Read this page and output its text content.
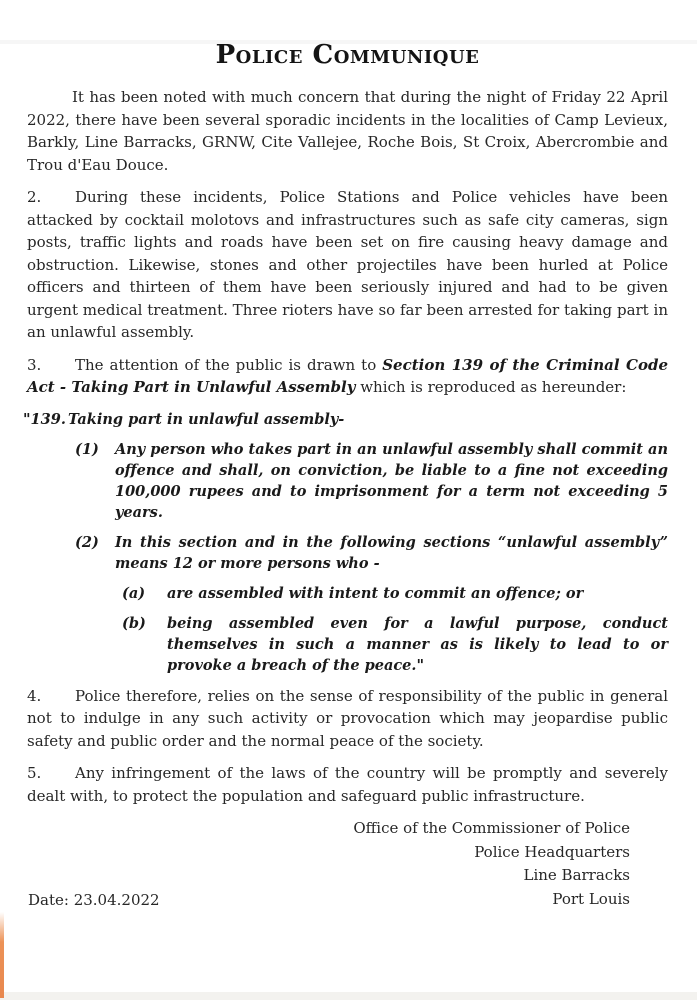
Police Communique

It has been noted with much concern that during the night of Friday 22 April 2022, there have been several sporadic incidents in the localities of Camp Levieux, Barkly, Line Barracks, GRNW, Cite Vallejee, Roche Bois, St Croix, Abercrombie and Trou d'Eau Douce.

2. During these incidents, Police Stations and Police vehicles have been attacked by cocktail molotovs and infrastructures such as safe city cameras, sign posts, traffic lights and roads have been set on fire causing heavy damage and obstruction. Likewise, stones and other projectiles have been hurled at Police officers and thirteen of them have been seriously injured and had to be given urgent medical treatment. Three rioters have so far been arrested for taking part in an unlawful assembly.

3. The attention of the public is drawn to Section 139 of the Criminal Code Act - Taking Part in Unlawful Assembly which is reproduced as hereunder:

"139. Taking part in unlawful assembly-
(1) Any person who takes part in an unlawful assembly shall commit an offence and shall, on conviction, be liable to a fine not exceeding 100,000 rupees and to imprisonment for a term not exceeding 5 years.
(2) In this section and in the following sections “unlawful assembly” means 12 or more persons who -
(a) are assembled with intent to commit an offence; or
(b) being assembled even for a lawful purpose, conduct themselves in such a manner as is likely to lead to or provoke a breach of the peace."

4. Police therefore, relies on the sense of responsibility of the public in general not to indulge in any such activity or provocation which may jeopardise public safety and public order and the normal peace of the society.

5. Any infringement of the laws of the country will be promptly and severely dealt with, to protect the population and safeguard public infrastructure.

Office of the Commissioner of Police
Police Headquarters
Line Barracks
Port Louis
Date: 23.04.2022
